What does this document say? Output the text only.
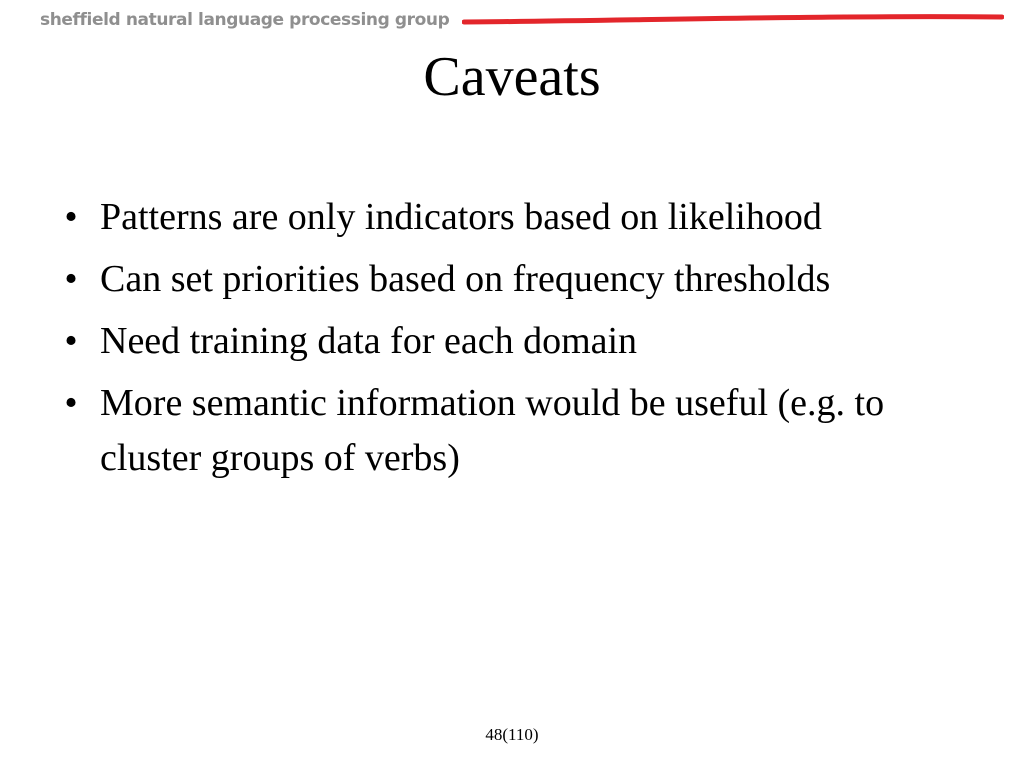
sheffield natural language processing group
Caveats
• Patterns are only indicators based on likelihood
• Can set priorities based on frequency thresholds
• Need training data for each domain
• More semantic information would be useful (e.g. to cluster groups of verbs)
48(110)
